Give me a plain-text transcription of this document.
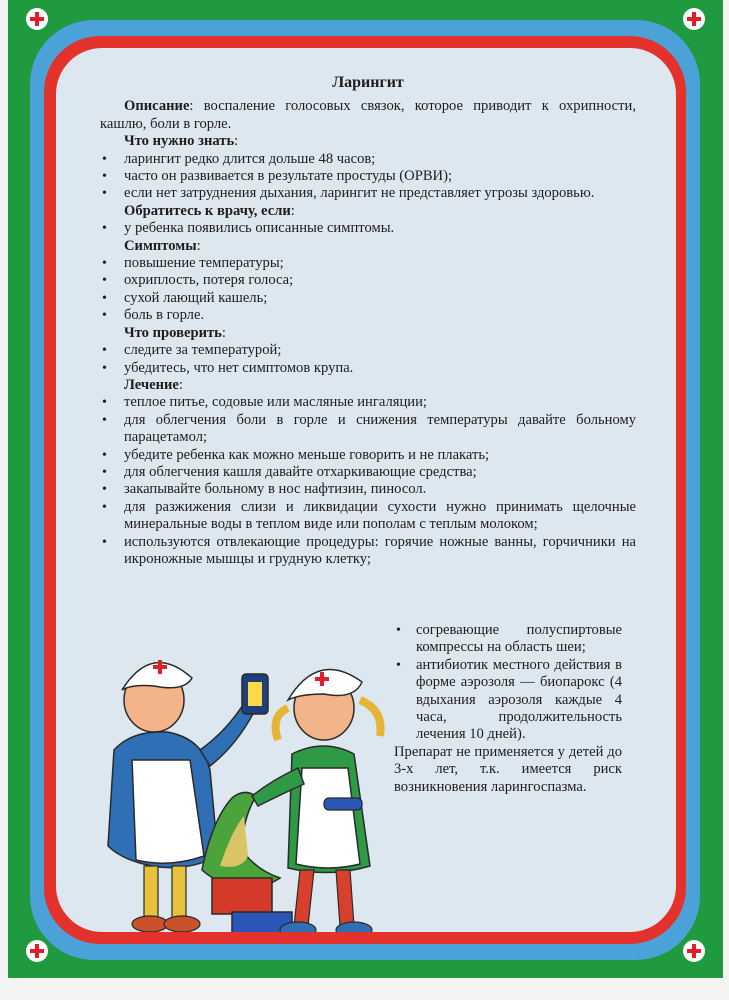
Ларингит

Описание: воспаление голосовых связок, которое приводит к охрипности, кашлю, боли в горле.

Что нужно знать:
• ларингит редко длится дольше 48 часов;
• часто он развивается в результате простуды (ОРВИ);
• если нет затруднения дыхания, ларингит не представляет угрозы здоровью.
Обратитесь к врачу, если:
• у ребенка появились описанные симптомы.
Симптомы:
• повышение температуры;
• охриплость, потеря голоса;
• сухой лающий кашель;
• боль в горле.
Что проверить:
• следите за температурой;
• убедитесь, что нет симптомов крупа.
Лечение:
• теплое питье, содовые или масляные ингаляции;
• для облегчения боли в горле и снижения температуры давайте больному парацетамол;
• убедите ребенка как можно меньше говорить и не плакать;
• для облегчения кашля давайте отхаркивающие средства;
• закапывайте больному в нос нафтизин, пиносол.
• для разжижения слизи и ликвидации сухости нужно принимать щелочные минеральные воды в теплом виде или пополам с теплым молоком;
• используются отвлекающие процедуры: горячие ножные ванны, горчичники на икроножные мышцы и грудную клетку;
• согревающие полуспиртовые компрессы на область шеи;
• антибиотик местного действия в форме аэрозоля — биопарокс (4 вдыхания аэрозоля каждые 4 часа, продолжительность лечения 10 дней).
Препарат не применяется у детей до 3-х лет, т.к. имеется риск возникновения ларингоспазма.
